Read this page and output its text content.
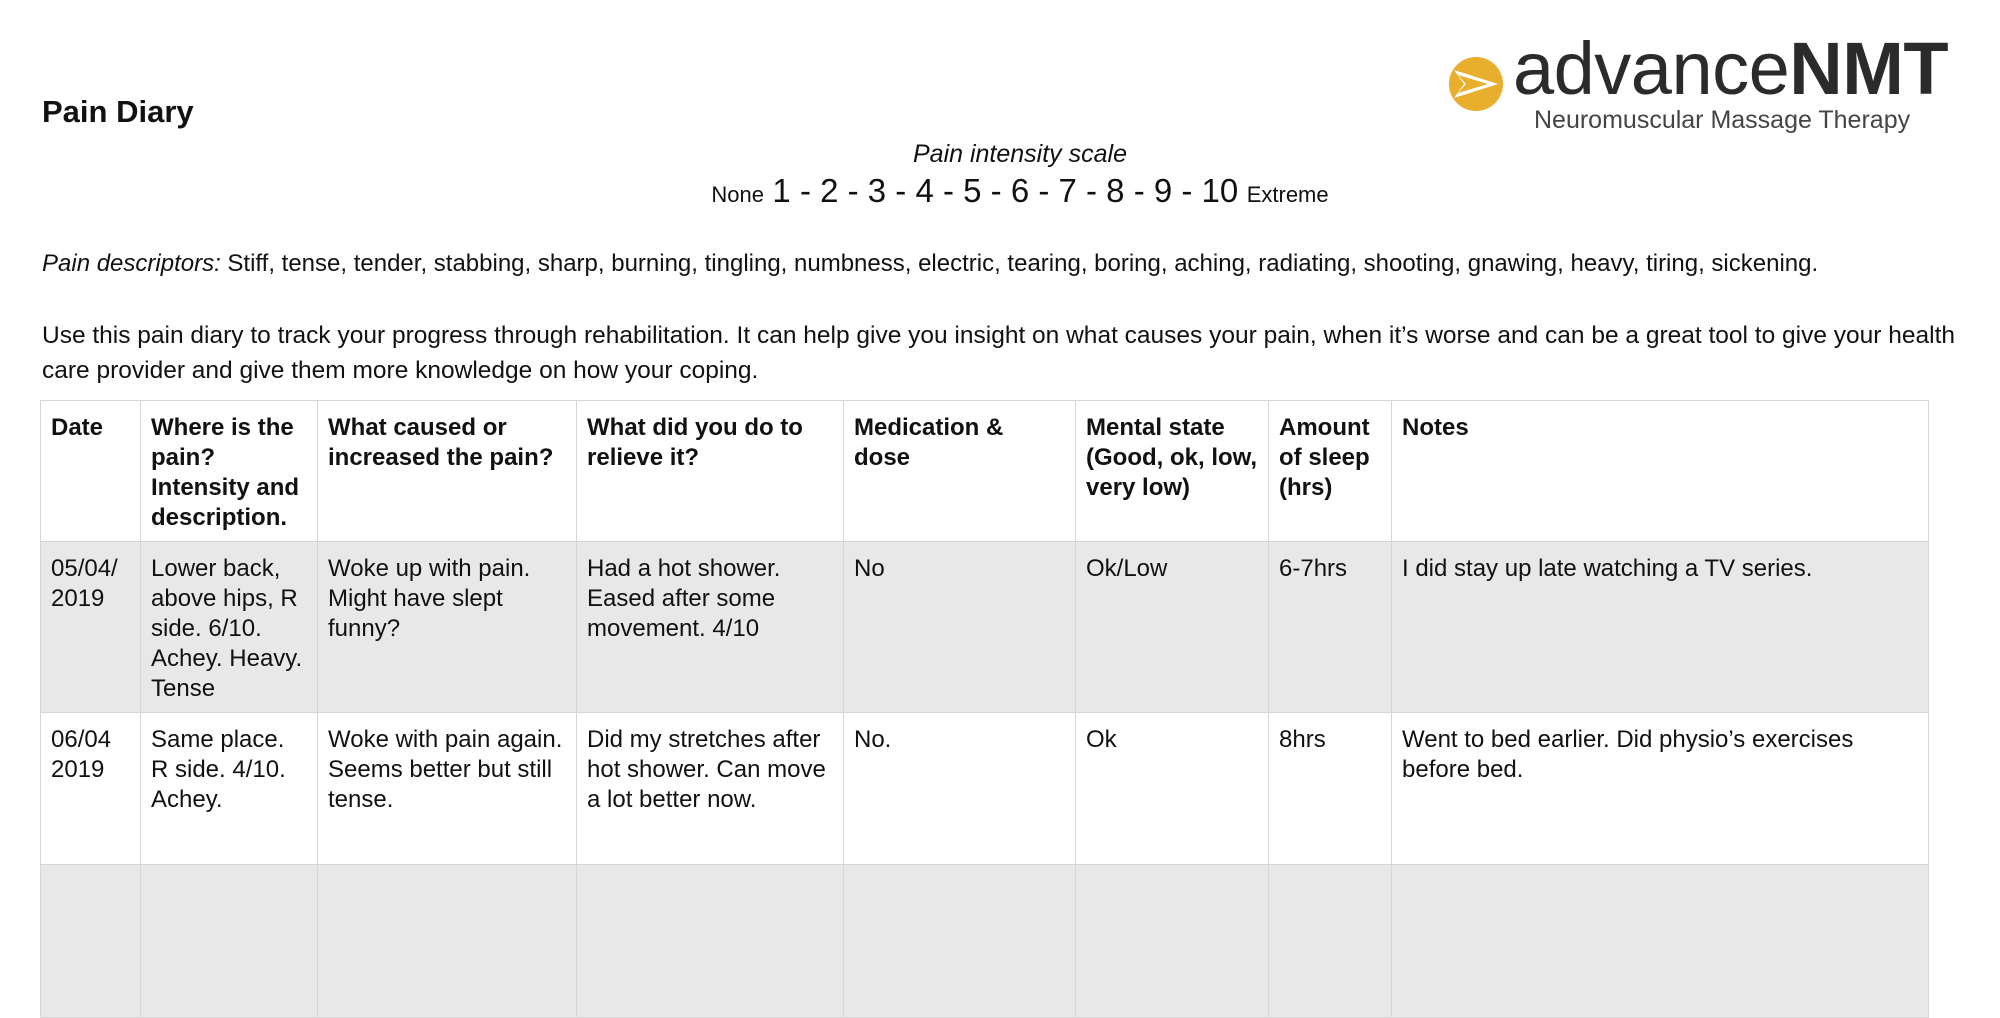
Pain Diary
advanceNMT
Neuromuscular Massage Therapy
Pain intensity scale
None 1 - 2 - 3 - 4 - 5 - 6 - 7 - 8 - 9 - 10 Extreme
Pain descriptors: Stiff, tense, tender, stabbing, sharp, burning, tingling, numbness, electric, tearing, boring, aching, radiating, shooting, gnawing, heavy, tiring, sickening.
Use this pain diary to track your progress through rehabilitation. It can help give you insight on what causes your pain, when it’s worse and can be a great tool to give your health care provider and give them more knowledge on how your coping.
Date	Where is the pain? Intensity and description.	What caused or increased the pain?	What did you do to relieve it?	Medication & dose	Mental state (Good, ok, low, very low)	Amount of sleep (hrs)	Notes
05/04/ 2019	Lower back, above hips, R side. 6/10. Achey. Heavy. Tense	Woke up with pain. Might have slept funny?	Had a hot shower. Eased after some movement. 4/10	No	Ok/Low	6-7hrs	I did stay up late watching a TV series.
06/04 2019	Same place. R side. 4/10. Achey.	Woke with pain again. Seems better but still tense.	Did my stretches after hot shower. Can move a lot better now.	No.	Ok	8hrs	Went to bed earlier. Did physio’s exercises before bed.
